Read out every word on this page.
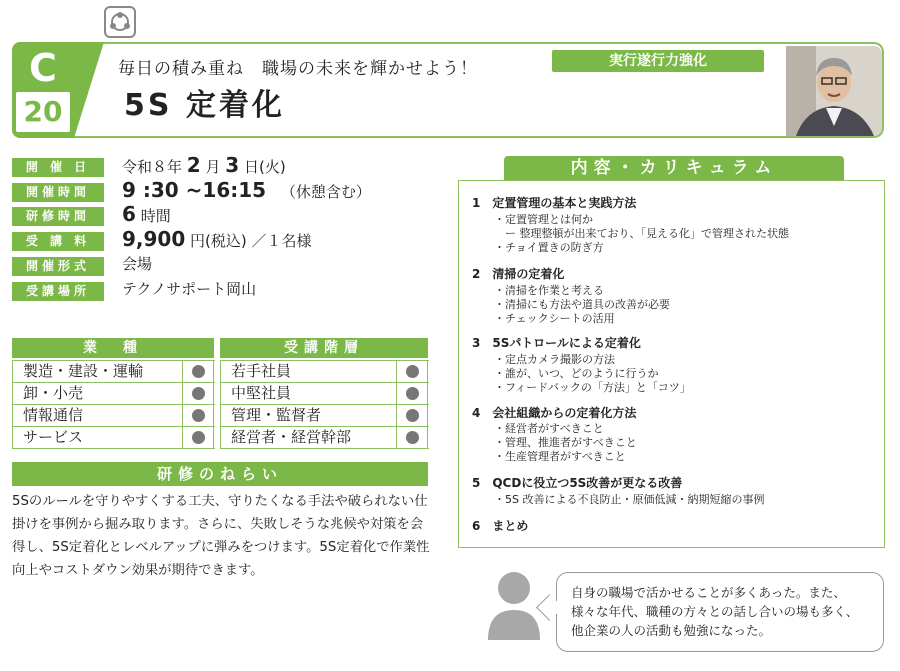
C
20
毎日の積み重ね　職場の未来を輝かせよう！
5S 定着化
実行遂行力強化
開 催 日	令和８年 2 月 3 日(火)
開催時間	9 :30 ~16:15 （休憩含む）
研修時間	6 時間
受 講 料	9,900 円(税込) ／１名様
開催形式	会場
受講場所	テクノサポート岡山
業　種
製造・建設・運輸
卸・小売
情報通信
サービス
受講階層
若手社員
中堅社員
管理・監督者
経営者・経営幹部
研修のねらい
5Sのルールを守りやすくする工夫、守りたくなる手法や破られない仕掛けを事例から掘み取ります。さらに、失敗しそうな兆候や対策を会得し、5S定着化とレベルアップに弾みをつけます。5S定着化で作業性向上やコストダウン効果が期待できます。
内容・カリキュラム
1　定置管理の基本と実践方法
・定置管理とは何か
　ー 整理整頓が出来ており、「見える化」で管理された状態
・チョイ置きの防ぎ方
2　清掃の定着化
・清掃を作業と考える
・清掃にも方法や道具の改善が必要
・チェックシートの活用
3　5Sパトロールによる定着化
・定点カメラ撮影の方法
・誰が、いつ、どのように行うか
・フィードバックの「方法」と「コツ」
4　会社組織からの定着化方法
・経営者がすべきこと
・管理、推進者がすべきこと
・生産管理者がすべきこと
5　QCDに役立つ5S改善が更なる改善
・5S 改善による不良防止・原価低減・納期短縮の事例
6　まとめ
自身の職場で活かせることが多くあった。また、様々な年代、職種の方々との話し合いの場も多く、他企業の人の活動も勉強になった。
